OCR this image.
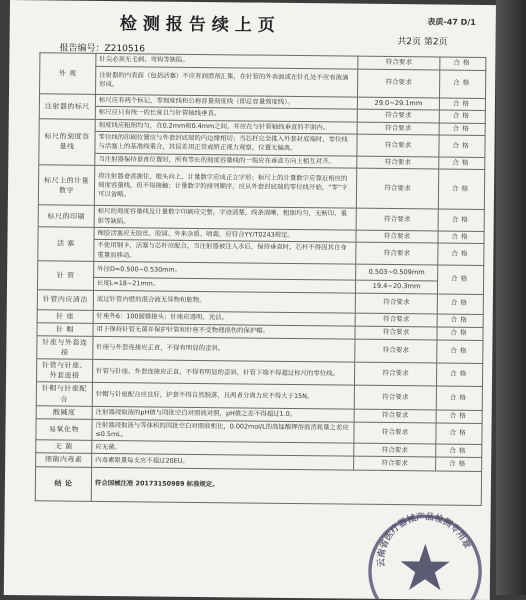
检测报告续上页	表质-47 D/1
共2页 第2页
报告编号：Z210516
外 观	针尖必须无毛刺、弯钩等缺陷。	符合要求	合格
	注射器的内表面（包括活塞）不应有润滑剂汇集，在针管的外表面或在针孔处不应有液滴形成。	符合要求	合格
注射器的标尺	标尺应有两个标记，零刻度线和公称容量刻度线（即总容量刻度线）。	29.0~29.1mm	合格
	标尺应只有统一的长度且与针管轴线垂直。	符合要求	合格
标尺的刻度容量线	刻度线应粗细均匀，在0.2mm和0.4mm之间，并应在与针管轴线垂直的平面内。	符合要求	合格
	零位线的印刷位置应与外套封底端的内边缘相切；当芯杆完全推入外套封底端时，零位线与活塞上的基准线重合，其误差用正常或矫正视力观察，位置无偏离。	符合要求	合格
	当注射器保持垂直位置时，所有等长的刻度容量线的一端应在垂直方向上相互对齐。	符合要求	合格
标尺上的计量数字	将注射器垂直握住，锥头向上，计量数字应成正立字形；标尺上的计量数字应靠近相应的刻度容量线，但不得接触；计量数字的排列顺序，应从外套封底端的零位线开始，“零”字可以省略。	符合要求	合格
标尺的印刷	标尺的刻度容量线及计量数字印刷应完整，字迹清楚，线条清晰，粗细均匀，无断印、重影等缺陷。	符合要求	合格
活 塞	橡胶活塞应无胶丝、胶屑、外来杂质、喷霜，应符合YY/T0243规定。	符合要求	合格
	不使用钢卡，活塞与芯杆应配合，当注射器被注入水后，保持垂直时，芯杆不得因其自身重量而移动。	符合要求	合格
针 管	外径D=0.500~0.530mm。	0.503~0.509mm	合格
	长度L=18~21mm。	19.4~20.3mm	
针管内应清洁	流过针管内壁的混合液无异物和脏物。	符合要求	合格
针 座	针座外6：100圆锥接头；针座应透明、光洁。	符合要求	合格
针 帽	用于保持针管无菌并保护针管和针座不受物理损伤的保护帽。	符合要求	合格
针座与外套连接	针座与外套连接应正直，不得有明显的歪斜。	符合要求	合格
针管与针座、外套连接	针管与针座、外套连接应正直，不得有明显的歪斜，针管下端不得超过标尺的零位线。	符合要求	合格
针帽与针座配合	针帽与针座配合应良好，护套不得自然脱落，且两者分离力应不得大于15N。	符合要求	合格
酸碱度	注射器浸取液的pH值与同批空白对照液对照，pH值之差不得超过1.0。	符合要求	合格
易氧化物	注射器浸取液与等体积的同批空白对照液相比，0.002mol/L的高锰酸钾溶液消耗量之差应≤0.5mL。	符合要求	合格
无 菌	应无菌。	符合要求	合格
细菌内毒素	内毒素限量每支应不超过20EU。	符合要求	合格
结 论	符合国械注准 20173150989 标准规定。		
云南省医疗器械产品检测专用章
